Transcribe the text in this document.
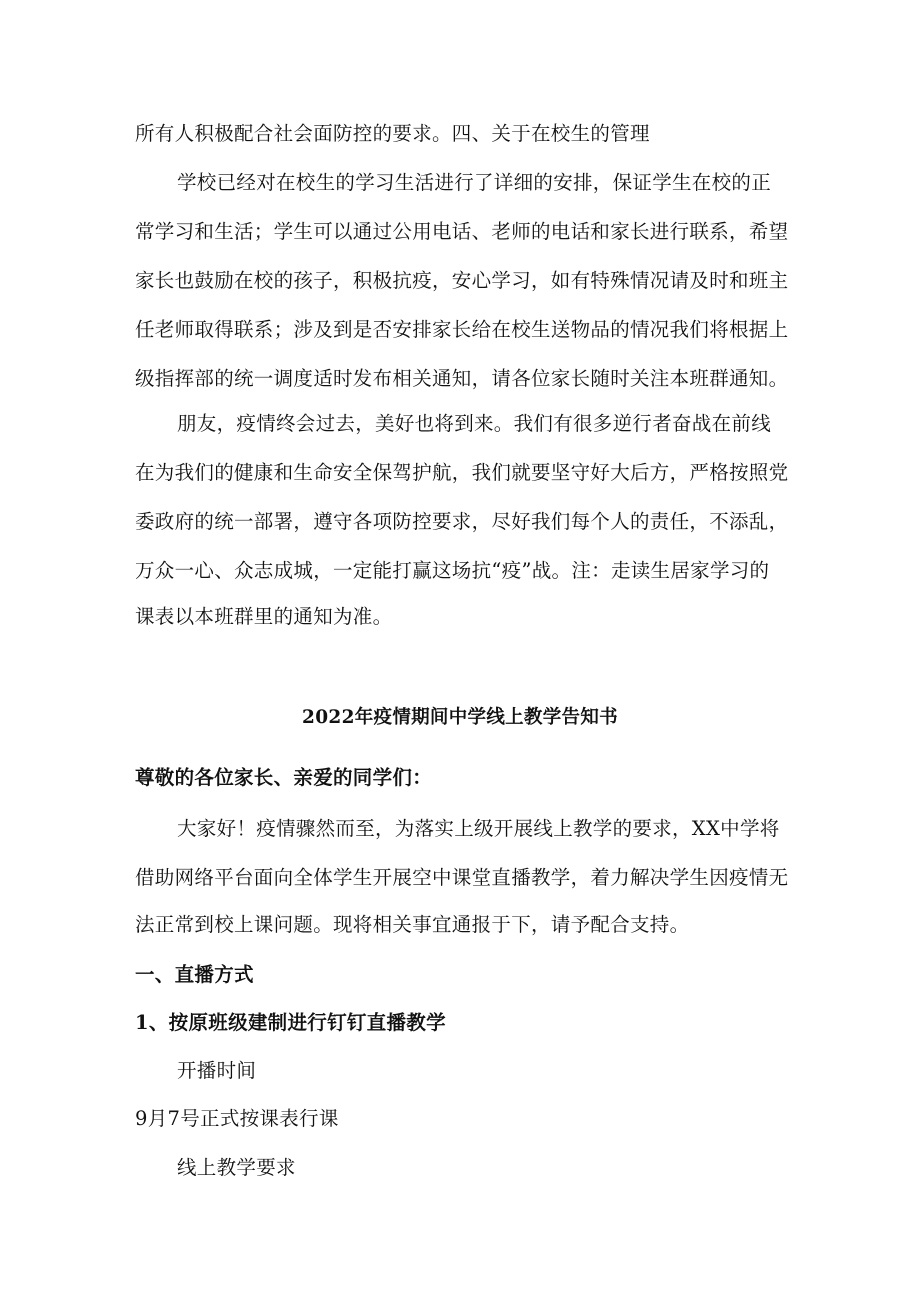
所有人积极配合社会面防控的要求。四、关于在校生的管理
学校已经对在校生的学习生活进行了详细的安排，保证学生在校的正
常学习和生活；学生可以通过公用电话、老师的电话和家长进行联系，希望
家长也鼓励在校的孩子，积极抗疫，安心学习，如有特殊情况请及时和班主
任老师取得联系；涉及到是否安排家长给在校生送物品的情况我们将根据上
级指挥部的统一调度适时发布相关通知，请各位家长随时关注本班群通知。
朋友，疫情终会过去，美好也将到来。我们有很多逆行者奋战在前线
在为我们的健康和生命安全保驾护航，我们就要坚守好大后方，严格按照党
委政府的统一部署，遵守各项防控要求，尽好我们每个人的责任，不添乱，
万众一心、众志成城，一定能打赢这场抗“疫”战。注：走读生居家学习的
课表以本班群里的通知为准。
2022年疫情期间中学线上教学告知书
尊敬的各位家长、亲爱的同学们：
大家好！疫情骤然而至，为落实上级开展线上教学的要求，XX中学将
借助网络平台面向全体学生开展空中课堂直播教学，着力解决学生因疫情无
法正常到校上课问题。现将相关事宜通报于下，请予配合支持。
一、直播方式
1、按原班级建制进行钉钉直播教学
开播时间
9月7号正式按课表行课
线上教学要求
